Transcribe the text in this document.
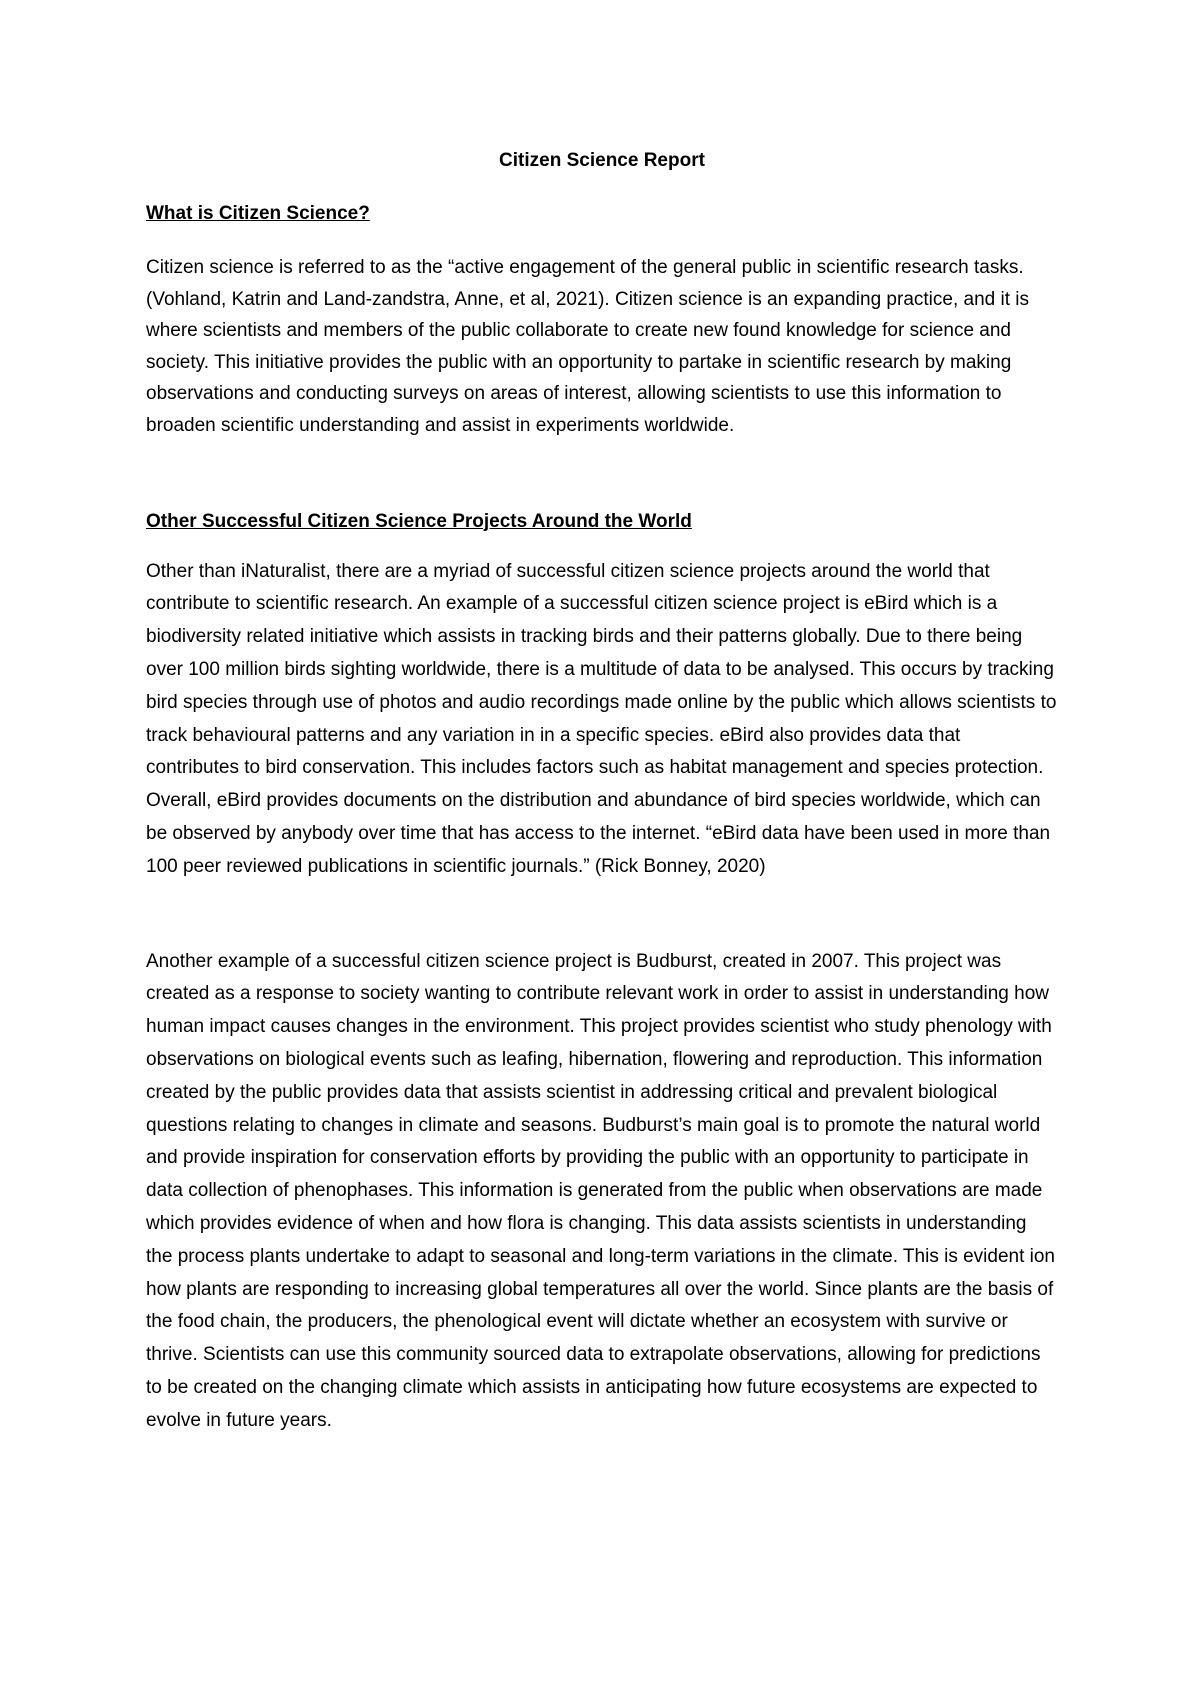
Citizen Science Report
What is Citizen Science?

Citizen science is referred to as the “active engagement of the general public in scientific research tasks. (Vohland, Katrin and Land-zandstra, Anne, et al, 2021). Citizen science is an expanding practice, and it is where scientists and members of the public collaborate to create new found knowledge for science and society. This initiative provides the public with an opportunity to partake in scientific research by making observations and conducting surveys on areas of interest, allowing scientists to use this information to broaden scientific understanding and assist in experiments worldwide.

Other Successful Citizen Science Projects Around the World

Other than iNaturalist, there are a myriad of successful citizen science projects around the world that contribute to scientific research. An example of a successful citizen science project is eBird which is a biodiversity related initiative which assists in tracking birds and their patterns globally. Due to there being over 100 million birds sighting worldwide, there is a multitude of data to be analysed. This occurs by tracking bird species through use of photos and audio recordings made online by the public which allows scientists to track behavioural patterns and any variation in in a specific species. eBird also provides data that contributes to bird conservation. This includes factors such as habitat management and species protection. Overall, eBird provides documents on the distribution and abundance of bird species worldwide, which can be observed by anybody over time that has access to the internet. “eBird data have been used in more than 100 peer reviewed publications in scientific journals.” (Rick Bonney, 2020)

Another example of a successful citizen science project is Budburst, created in 2007. This project was created as a response to society wanting to contribute relevant work in order to assist in understanding how human impact causes changes in the environment. This project provides scientist who study phenology with observations on biological events such as leafing, hibernation, flowering and reproduction. This information created by the public provides data that assists scientist in addressing critical and prevalent biological questions relating to changes in climate and seasons. Budburst’s main goal is to promote the natural world and provide inspiration for conservation efforts by providing the public with an opportunity to participate in data collection of phenophases. This information is generated from the public when observations are made which provides evidence of when and how flora is changing. This data assists scientists in understanding the process plants undertake to adapt to seasonal and long-term variations in the climate. This is evident ion how plants are responding to increasing global temperatures all over the world. Since plants are the basis of the food chain, the producers, the phenological event will dictate whether an ecosystem with survive or thrive. Scientists can use this community sourced data to extrapolate observations, allowing for predictions to be created on the changing climate which assists in anticipating how future ecosystems are expected to evolve in future years.
